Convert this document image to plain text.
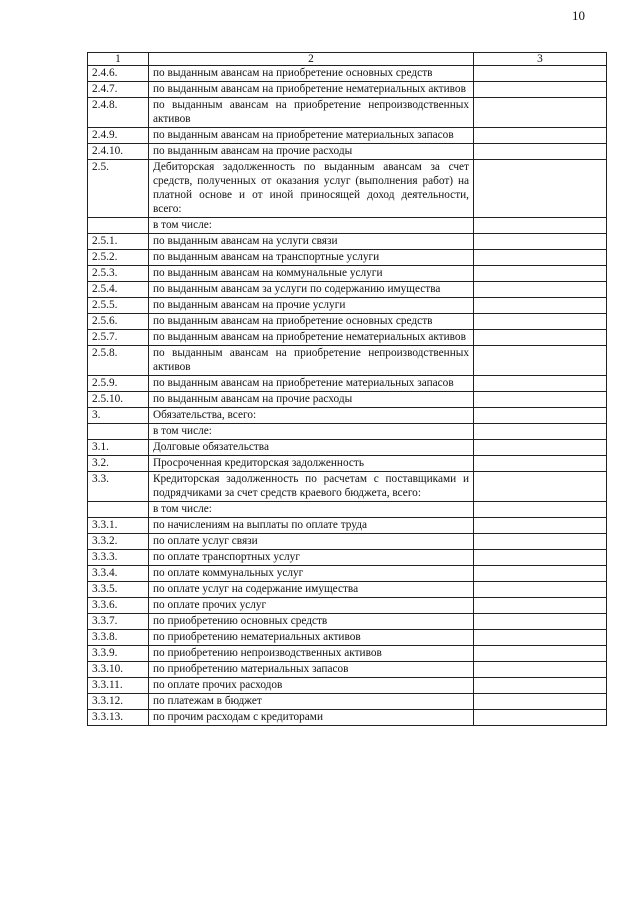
10
1	2	3
2.4.6.	по выданным авансам на приобретение основных средств	
2.4.7.	по выданным авансам на приобретение нематериальных активов	
2.4.8.	по выданным авансам на приобретение непроизводственных активов	
2.4.9.	по выданным авансам на приобретение материальных запасов	
2.4.10.	по выданным авансам на прочие расходы	
2.5.	Дебиторская задолженность по выданным авансам за счет средств, полученных от оказания услуг (выполнения работ) на платной основе и от иной приносящей доход деятельности, всего:	
	в том числе:	
2.5.1.	по выданным авансам на услуги связи	
2.5.2.	по выданным авансам на транспортные услуги	
2.5.3.	по выданным авансам на коммунальные услуги	
2.5.4.	по выданным авансам за услуги по содержанию имущества	
2.5.5.	по выданным авансам на прочие услуги	
2.5.6.	по выданным авансам на приобретение основных средств	
2.5.7.	по выданным авансам на приобретение нематериальных активов	
2.5.8.	по выданным авансам на приобретение непроизводственных активов	
2.5.9.	по выданным авансам на приобретение материальных запасов	
2.5.10.	по выданным авансам на прочие расходы	
3.	Обязательства, всего:	
	в том числе:	
3.1.	Долговые обязательства	
3.2.	Просроченная кредиторская задолженность	
3.3.	Кредиторская задолженность по расчетам с поставщиками и подрядчиками за счет средств краевого бюджета, всего:	
	в том числе:	
3.3.1.	по начислениям на выплаты по оплате труда	
3.3.2.	по оплате услуг связи	
3.3.3.	по оплате транспортных услуг	
3.3.4.	по оплате коммунальных услуг	
3.3.5.	по оплате услуг на содержание имущества	
3.3.6.	по оплате прочих услуг	
3.3.7.	по приобретению основных средств	
3.3.8.	по приобретению нематериальных активов	
3.3.9.	по приобретению непроизводственных активов	
3.3.10.	по приобретению материальных запасов	
3.3.11.	по оплате прочих расходов	
3.3.12.	по платежам в бюджет	
3.3.13.	по прочим расходам с кредиторами	
